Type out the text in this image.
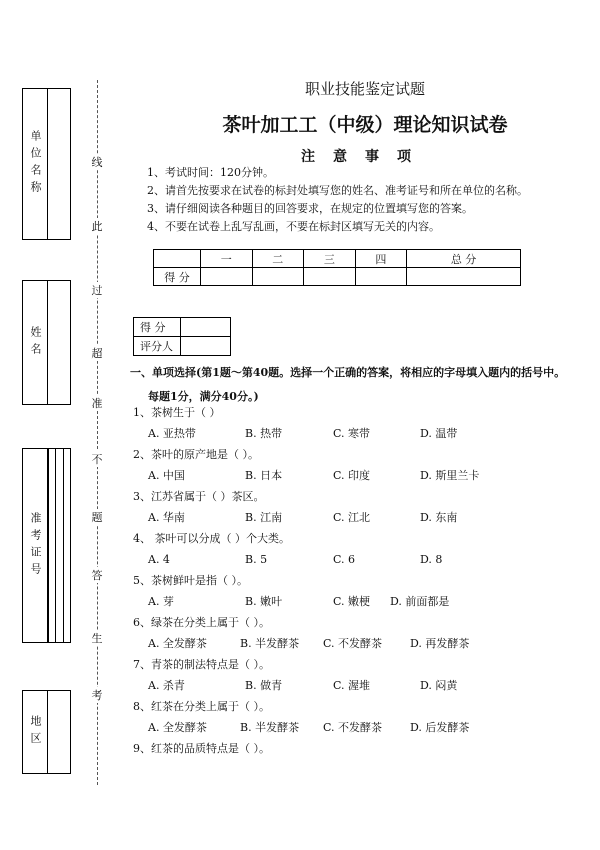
单位名称
姓名
准考证号
地区
线
此
过
超
准
不
题
答
生
考
职业技能鉴定试题
茶叶加工工（中级）理论知识试卷
注意事项
1、考试时间：120分钟。
2、请首先按要求在试卷的标封处填写您的姓名、准考证号和所在单位的名称。
3、请仔细阅读各种题目的回答要求，在规定的位置填写您的答案。
4、不要在试卷上乱写乱画，不要在标封区填写无关的内容。
	一	二	三	四	总 分
得 分					
得 分	
评分人	
一、单项选择(第1题～第40题。选择一个正确的答案，将相应的字母填入题内的括号中。
每题1分，满分40分。)
1、茶树生于（ ）
A. 亚热带	B. 热带	C. 寒带	D. 温带
2、茶叶的原产地是（ ）。
A. 中国	B. 日本	C. 印度	D. 斯里兰卡
3、江苏省属于（ ）茶区。
A. 华南	B. 江南	C. 江北	D. 东南
4、 茶叶可以分成（ ）个大类。
A. 4	B. 5	C. 6	D. 8
5、茶树鲜叶是指（ ）。
A. 芽	B. 嫩叶	C. 嫩梗 D. 前面都是
6、绿茶在分类上属于（ ）。
A. 全发酵茶	B. 半发酵茶 C. 不发酵茶	D. 再发酵茶
7、青茶的制法特点是（ ）。
A. 杀青	B. 做青	C. 渥堆	D. 闷黄
8、红茶在分类上属于（ ）。
A. 全发酵茶	B. 半发酵茶 C. 不发酵茶	D. 后发酵茶
9、红茶的品质特点是（ ）。
